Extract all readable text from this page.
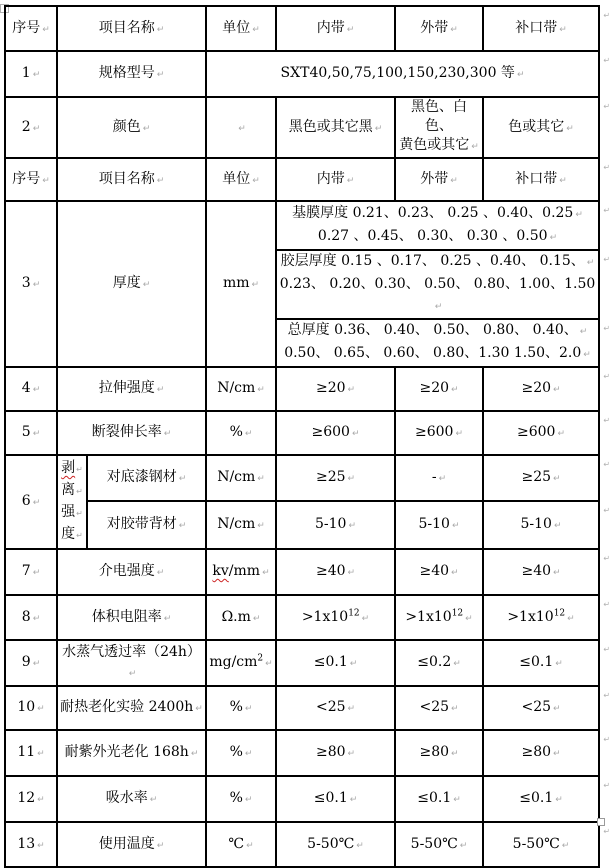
序号 ↵	项目名称 ↵		单位 ↵	内带 ↵	外带 ↵	补口带 ↵
↵

1 ↵	规格型号 ↵		SXT40,50,75,100,150,230,300 等 ↵
↵			

2 ↵	颜色 ↵		↵	黑色或其它黑 ↵	黑色、白色、
黄色或其它 ↵	色或其它 ↵
↵

序号 ↵	项目名称 ↵		单位 ↵	内带 ↵	外带 ↵	补口带 ↵
↵

3 ↵	厚度 ↵		mm ↵	基膜厚度 0.21、0.23、 0.25 、0.40、0.25 ↵
0.27 、0.45、 0.30、 0.30 、0.50 ↵
↵		

				胶层厚度 0.15 、0.17、 0.25 、0.40、 0.15、 ↵
0.23、 0.20、0.30、 0.50、 0.80、1.00、1.50↵
↵		

				总厚度 0.36、 0.40、 0.50、 0.80、 0.40、 ↵
0.50、 0.65、 0.60、 0.80、1.30 1.50、2.0 ↵
↵		

4 ↵	拉伸强度 ↵		N/cm ↵	≥20 ↵	≥20 ↵	≥20 ↵
↵

5 ↵	断裂伸长率 ↵		% ↵	≥600 ↵	≥600 ↵	≥600 ↵
↵

6 ↵	剥↵
离↵
强↵
度↵	对底漆钢材 ↵	N/cm ↵	≥25 ↵	- ↵	≥25 ↵
↵

		对胶带背材 ↵	N/cm ↵	5-10 ↵	5-10 ↵	5-10 ↵
↵

7 ↵	介电强度 ↵		kv/mm ↵	≥40 ↵	≥40 ↵	≥40 ↵
↵

8 ↵	体积电阻率 ↵		Ω.m ↵	$>1x10^{12}↵$	$>1x10^{12}↵$	$>1x10^{12}↵$
↵

9 ↵	水蒸气透过率（24h）↵		$mg/cm^2↵$	≤0.1 ↵	≤0.2 ↵	≤0.1 ↵
↵

10 ↵	耐热老化实验 2400h ↵		% ↵	<25 ↵	<25 ↵	<25 ↵
↵

11 ↵	耐紫外光老化 168h ↵		% ↵	≥80 ↵	≥80 ↵	≥80 ↵
↵

12 ↵	吸水率 ↵		% ↵	≤0.1 ↵	≤0.1 ↵	≤0.1 ↵
↵

13 ↵	使用温度 ↵		℃ ↵	5-50℃ ↵	5-50℃ ↵	5-50℃ ↵
↵
